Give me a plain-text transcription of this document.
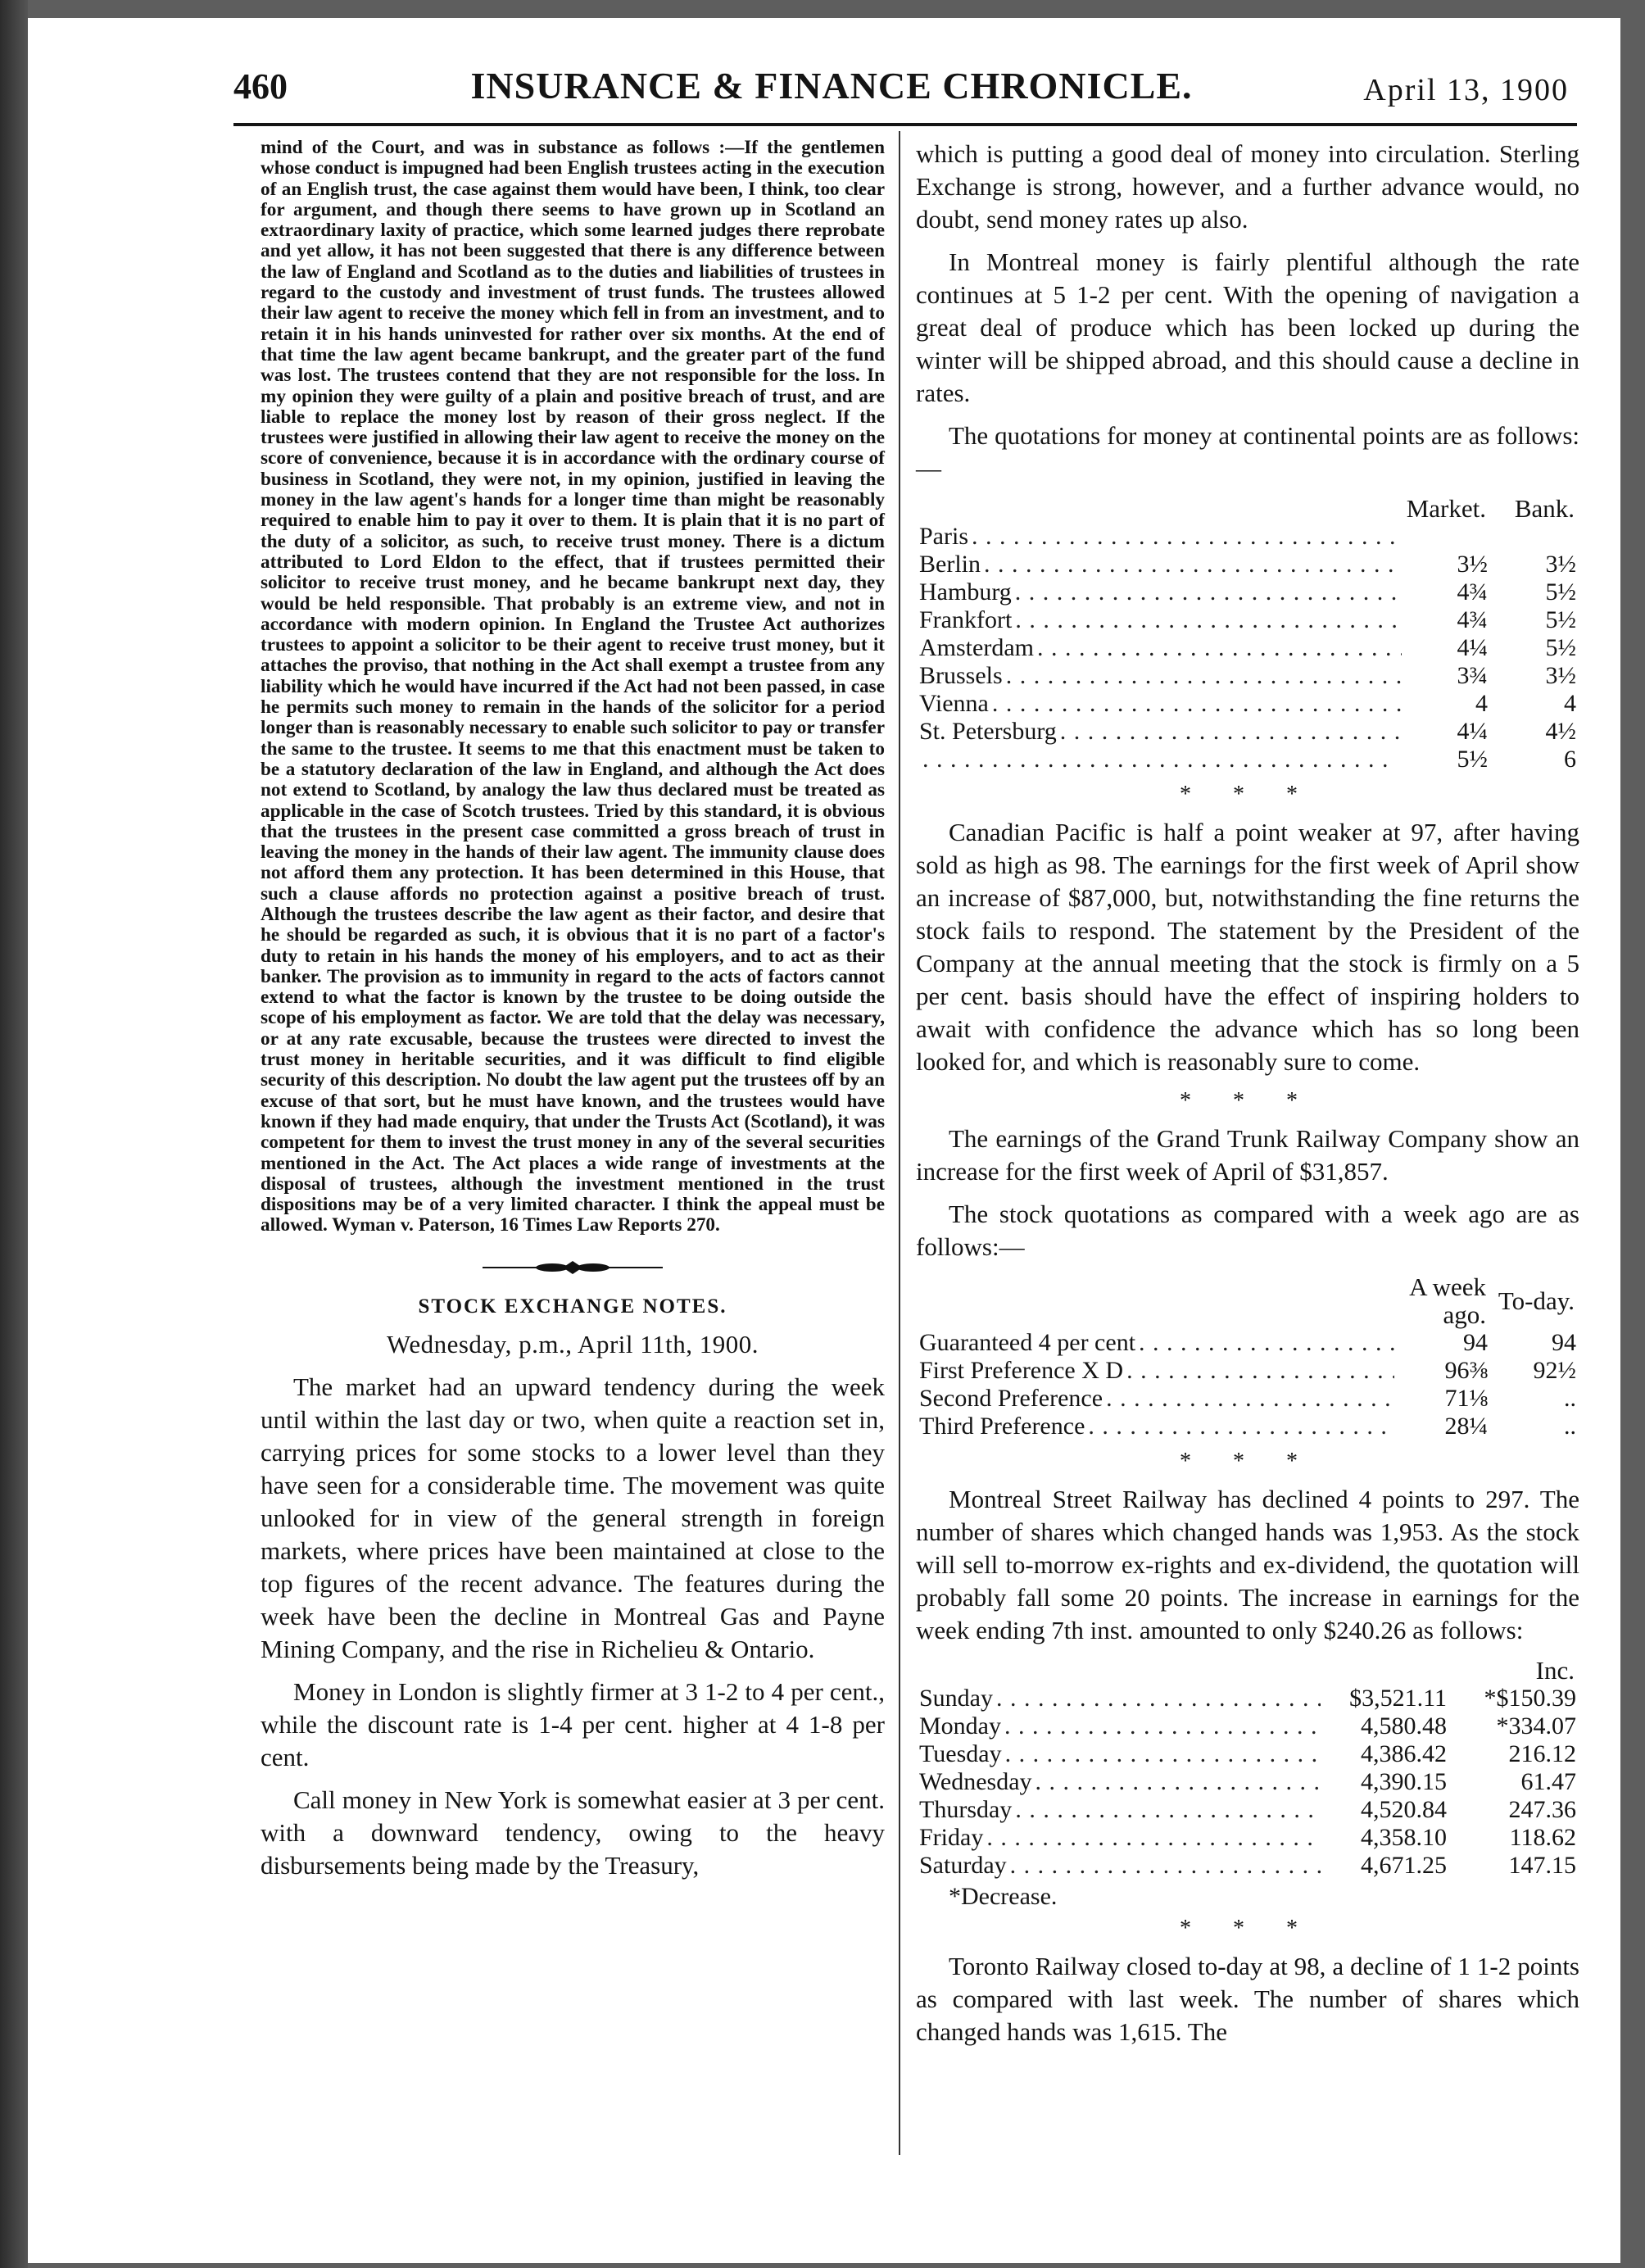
460	INSURANCE & FINANCE CHRONICLE.	April 13, 1900

mind of the Court, and was in substance as follows :—If the gentlemen whose conduct is impugned had been English trustees acting in the execution of an English trust, the case against them would have been, I think, too clear for argument, and though there seems to have grown up in Scotland an extraordinary laxity of practice, which some learned judges there reprobate and yet allow, it has not been suggested that there is any difference between the law of England and Scotland as to the duties and liabilities of trustees in regard to the custody and investment of trust funds. The trustees allowed their law agent to receive the money which fell in from an investment, and to retain it in his hands uninvested for rather over six months. At the end of that time the law agent became bankrupt, and the greater part of the fund was lost. The trustees contend that they are not responsible for the loss. In my opinion they were guilty of a plain and positive breach of trust, and are liable to replace the money lost by reason of their gross neglect. If the trustees were justified in allowing their law agent to receive the money on the score of convenience, because it is in accordance with the ordinary course of business in Scotland, they were not, in my opinion, justified in leaving the money in the law agent's hands for a longer time than might be reasonably required to enable him to pay it over to them. It is plain that it is no part of the duty of a solicitor, as such, to receive trust money. There is a dictum attributed to Lord Eldon to the effect, that if trustees permitted their solicitor to receive trust money, and he became bankrupt next day, they would be held responsible. That probably is an extreme view, and not in accordance with modern opinion. In England the Trustee Act authorizes trustees to appoint a solicitor to be their agent to receive trust money, but it attaches the proviso, that nothing in the Act shall exempt a trustee from any liability which he would have incurred if the Act had not been passed, in case he permits such money to remain in the hands of the solicitor for a period longer than is reasonably necessary to enable such solicitor to pay or transfer the same to the trustee. It seems to me that this enactment must be taken to be a statutory declaration of the law in England, and although the Act does not extend to Scotland, by analogy the law thus declared must be treated as applicable in the case of Scotch trustees. Tried by this standard, it is obvious that the trustees in the present case committed a gross breach of trust in leaving the money in the hands of their law agent. The immunity clause does not afford them any protection. It has been determined in this House, that such a clause affords no protection against a positive breach of trust. Although the trustees describe the law agent as their factor, and desire that he should be regarded as such, it is obvious that it is no part of a factor's duty to retain in his hands the money of his employers, and to act as their banker. The provision as to immunity in regard to the acts of factors cannot extend to what the factor is known by the trustee to be doing outside the scope of his employment as factor. We are told that the delay was necessary, or at any rate excusable, because the trustees were directed to invest the trust money in heritable securities, and it was difficult to find eligible security of this description. No doubt the law agent put the trustees off by an excuse of that sort, but he must have known, and the trustees would have known if they had made enquiry, that under the Trusts Act (Scotland), it was competent for them to invest the trust money in any of the several securities mentioned in the Act. The Act places a wide range of investments at the disposal of trustees, although the investment mentioned in the trust dispositions may be of a very limited character. I think the appeal must be allowed. Wyman v. Paterson, 16 Times Law Reports 270.

STOCK EXCHANGE NOTES.
Wednesday, p.m., April 11th, 1900.

The market had an upward tendency during the week until within the last day or two, when quite a reaction set in, carrying prices for some stocks to a lower level than they have seen for a considerable time. The movement was quite unlooked for in view of the general strength in foreign markets, where prices have been maintained at close to the top figures of the recent advance. The features during the week have been the decline in Montreal Gas and Payne Mining Company, and the rise in Richelieu & Ontario.

Money in London is slightly firmer at 3 1-2 to 4 per cent., while the discount rate is 1-4 per cent. higher at 4 1-8 per cent.

Call money in New York is somewhat easier at 3 per cent. with a downward tendency, owing to the heavy disbursements being made by the Treasury,

which is putting a good deal of money into circulation. Sterling Exchange is strong, however, and a further advance would, no doubt, send money rates up also.

In Montreal money is fairly plentiful although the rate continues at 5 1-2 per cent. With the opening of navigation a great deal of produce which has been locked up during the winter will be shipped abroad, and this should cause a decline in rates.

The quotations for money at continental points are as follows:—

	Market.	Bank.
Paris		
Berlin	3½	3½
Hamburg	4¾	5½
Frankfort	4¾	5½
Amsterdam	4¼	5½
Brussels	3¾	3½
Vienna	4	4
St. Petersburg	4¼	4½
	5½	6
* * *

Canadian Pacific is half a point weaker at 97, after having sold as high as 98. The earnings for the first week of April show an increase of $87,000, but, notwithstanding the fine returns the stock fails to respond. The statement by the President of the Company at the annual meeting that the stock is firmly on a 5 per cent. basis should have the effect of inspiring holders to await with confidence the advance which has so long been looked for, and which is reasonably sure to come.

* * *

The earnings of the Grand Trunk Railway Company show an increase for the first week of April of $31,857.

The stock quotations as compared with a week ago are as follows:—

	A week ago.	To-day.
Guaranteed 4 per cent	94	94
First Preference X D	96⅜	92½
Second Preference	71⅛	..
Third Preference	28¼	..
* * *

Montreal Street Railway has declined 4 points to 297. The number of shares which changed hands was 1,953. As the stock will sell to-morrow ex-rights and ex-dividend, the quotation will probably fall some 20 points. The increase in earnings for the week ending 7th inst. amounted to only $240.26 as follows:

		Inc.
Sunday	$3,521.11	*$150.39
Monday	4,580.48	*334.07
Tuesday	4,386.42	216.12
Wednesday	4,390.15	61.47
Thursday	4,520.84	247.36
Friday	4,358.10	118.62
Saturday	4,671.25	147.15
*Decrease.
* * *

Toronto Railway closed to-day at 98, a decline of 1 1-2 points as compared with last week. The number of shares which changed hands was 1,615. The
